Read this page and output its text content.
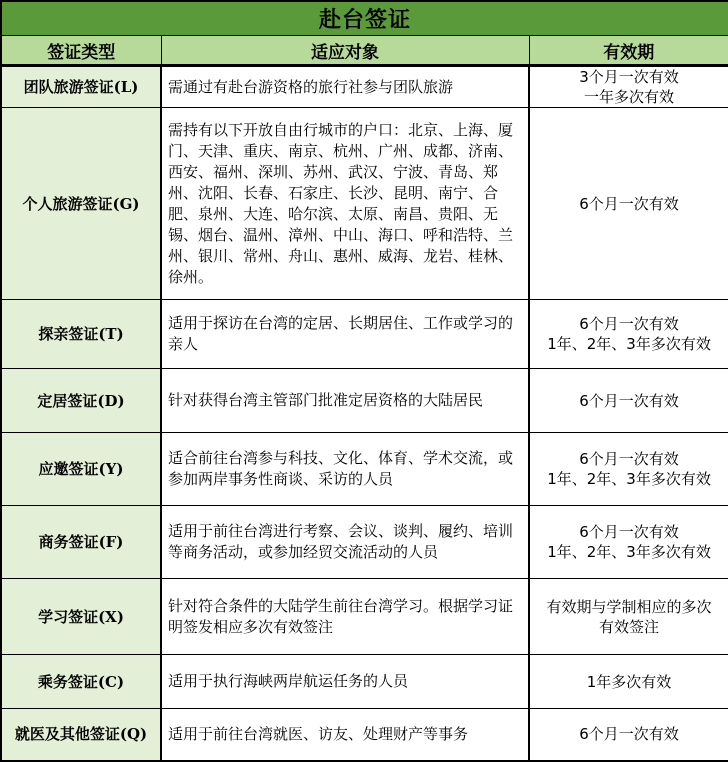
赴台签证		
签证类型	适应对象	有效期
团队旅游签证(L)	需通过有赴台游资格的旅行社参与团队旅游	3个月一次有效
一年多次有效

个人旅游签证(G)	需持有以下开放自由行城市的户口：北京、上海、厦门、天津、重庆、南京、杭州、广州、成都、济南、西安、福州、深圳、苏州、武汉、宁波、青岛、郑州、沈阳、长春、石家庄、长沙、昆明、南宁、合肥、泉州、大连、哈尔滨、太原、南昌、贵阳、无锡、烟台、温州、漳州、中山、海口、呼和浩特、兰州、银川、常州、舟山、惠州、威海、龙岩、桂林、徐州。	6个月一次有效

探亲签证(T)	适用于探访在台湾的定居、长期居住、工作或学习的亲人	6个月一次有效
1年、2年、3年多次有效

定居签证(D)	针对获得台湾主管部门批准定居资格的大陆居民	6个月一次有效

应邀签证(Y)	适合前往台湾参与科技、文化、体育、学术交流，或参加两岸事务性商谈、采访的人员	6个月一次有效
1年、2年、3年多次有效

商务签证(F)	适用于前往台湾进行考察、会议、谈判、履约、培训等商务活动，或参加经贸交流活动的人员	6个月一次有效
1年、2年、3年多次有效

学习签证(X)	针对符合条件的大陆学生前往台湾学习。根据学习证明签发相应多次有效签注	有效期与学制相应的多次
有效签注

乘务签证(C)	适用于执行海峡两岸航运任务的人员	1年多次有效

就医及其他签证(Q)	适用于前往台湾就医、访友、处理财产等事务	6个月一次有效
